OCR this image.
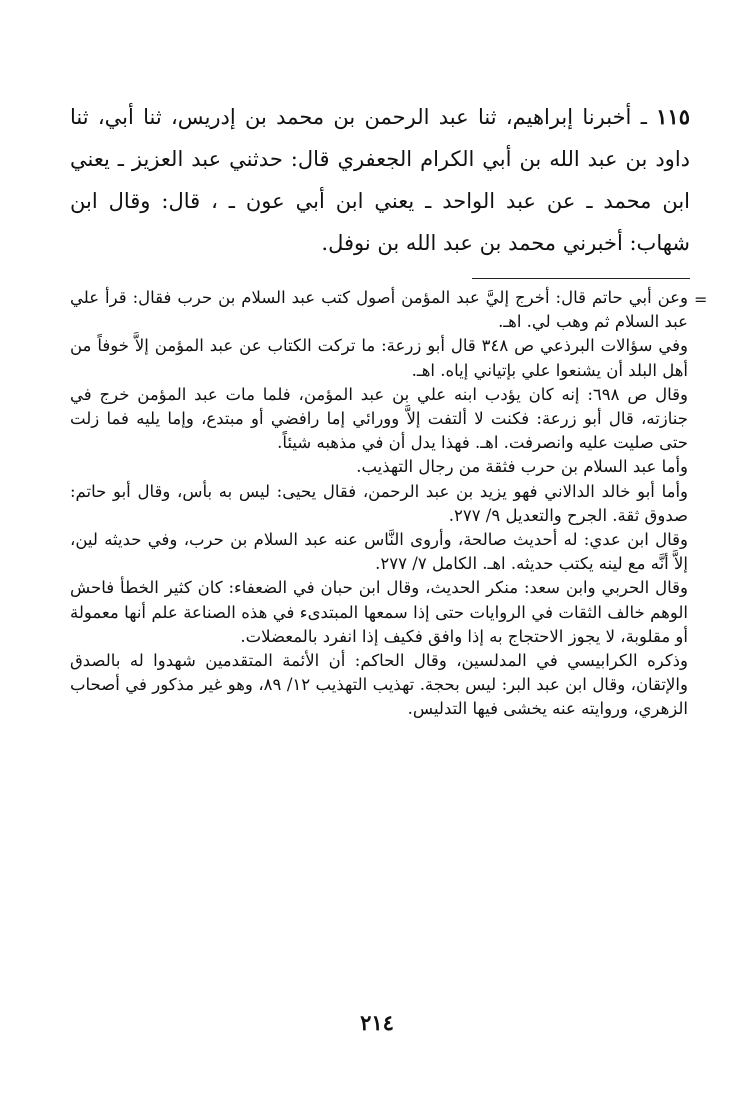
١١٥ ـ أخبرنا إبراهيم، ثنا عبد الرحمن بن محمد بن إدريس، ثنا أبي، ثنا داود بن عبد الله بن أبي الكرام الجعفري قال: حدثني عبد العزيز ـ يعني ابن محمد ـ عن عبد الواحد ـ يعني ابن أبي عون ـ ، قال: وقال ابن شهاب: أخبرني محمد بن عبد الله بن نوفل.

=

وعن أبي حاتم قال: أخرج إليَّ عبد المؤمن أصول كتب عبد السلام بن حرب فقال: قرأ علي عبد السلام ثم وهب لي. اهـ.

وفي سؤالات البرذعي ص ٣٤٨ قال أبو زرعة: ما تركت الكتاب عن عبد المؤمن إلاَّ خوفاً من أهل البلد أن يشنعوا علي بإتياني إياه. اهـ.

وقال ص ٦٩٨: إنه كان يؤدب ابنه علي بن عبد المؤمن، فلما مات عبد المؤمن خرج في جنازته، قال أبو زرعة: فكنت لا ألتفت إلاَّ وورائي إما رافضي أو مبتدع، وإما يليه فما زلت حتى صليت عليه وانصرفت. اهـ. فهذا يدل أن في مذهبه شيئاً.

وأما عبد السلام بن حرب فثقة من رجال التهذيب.

وأما أبو خالد الدالاني فهو يزيد بن عبد الرحمن، فقال يحيى: ليس به بأس، وقال أبو حاتم: صدوق ثقة. الجرح والتعديل ٩/ ٢٧٧.

وقال ابن عدي: له أحديث صالحة، وأروى النَّاس عنه عبد السلام بن حرب، وفي حديثه لين، إلاَّ أنَّه مع لينه يكتب حديثه. اهـ. الكامل ٧/ ٢٧٧.

وقال الحربي وابن سعد: منكر الحديث، وقال ابن حبان في الضعفاء: كان كثير الخطأ فاحش الوهم خالف الثقات في الروايات حتى إذا سمعها المبتدىء في هذه الصناعة علم أنها معمولة أو مقلوبة، لا يجوز الاحتجاج به إذا وافق فكيف إذا انفرد بالمعضلات.

وذكره الكرابيسي في المدلسين، وقال الحاكم: أن الأئمة المتقدمين شهدوا له بالصدق والإتقان، وقال ابن عبد البر: ليس بحجة. تهذيب التهذيب ١٢/ ٨٩، وهو غير مذكور في أصحاب الزهري، وروايته عنه يخشى فيها التدليس.

٢١٤
